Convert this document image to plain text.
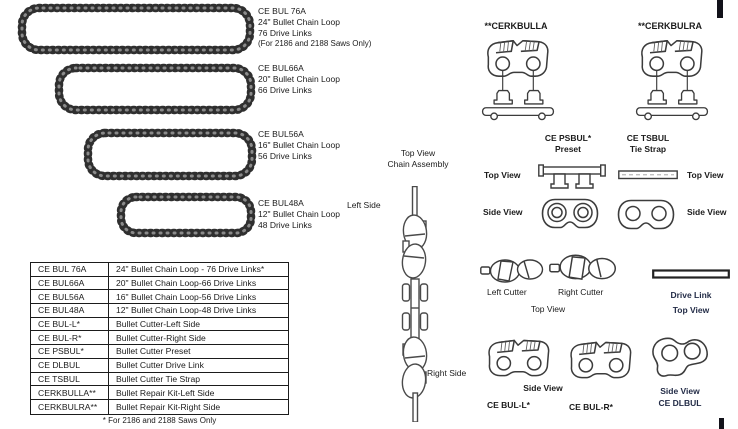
CE BUL 76A
24" Bullet Chain Loop
76 Drive Links
(For 2186 and 2188 Saws Only)
CE BUL66A
20" Bullet Chain Loop
66 Drive Links
CE BUL56A
16" Bullet Chain Loop
56 Drive Links
CE BUL48A
12" Bullet Chain Loop
48 Drive Links
CE BUL 76A	24" Bullet Chain Loop - 76 Drive Links*
CE BUL66A	20" Bullet Chain Loop-66 Drive Links
CE BUL56A	16" Bullet Chain Loop-56 Drive Links
CE BUL48A	12" Bullet Chain Loop-48 Drive Links
CE BUL-L*	Bullet Cutter-Left Side
CE BUL-R*	Bullet Cutter-Right Side
CE PSBUL*	Bullet Cutter Preset
CE DLBUL	Bullet Cutter Drive Link
CE TSBUL	Bullet Cutter Tie Strap
CERKBULLA**	Bullet Repair Kit-Left Side
CERKBULRA**	Bullet Repair Kit-Right Side
* For 2186 and 2188 Saws Only
Top View
Chain Assembly
Left Side
Right Side
**CERKBULLA	**CERKBULRA
CE PSBUL*
Preset
CE TSBUL
Tie Strap
Top View	Top View
Side View	Side View
Left Cutter	Right Cutter
Top View
Drive Link
Top View
Side View
CE BUL-L*	CE BUL-R*
Side View
CE DLBUL
